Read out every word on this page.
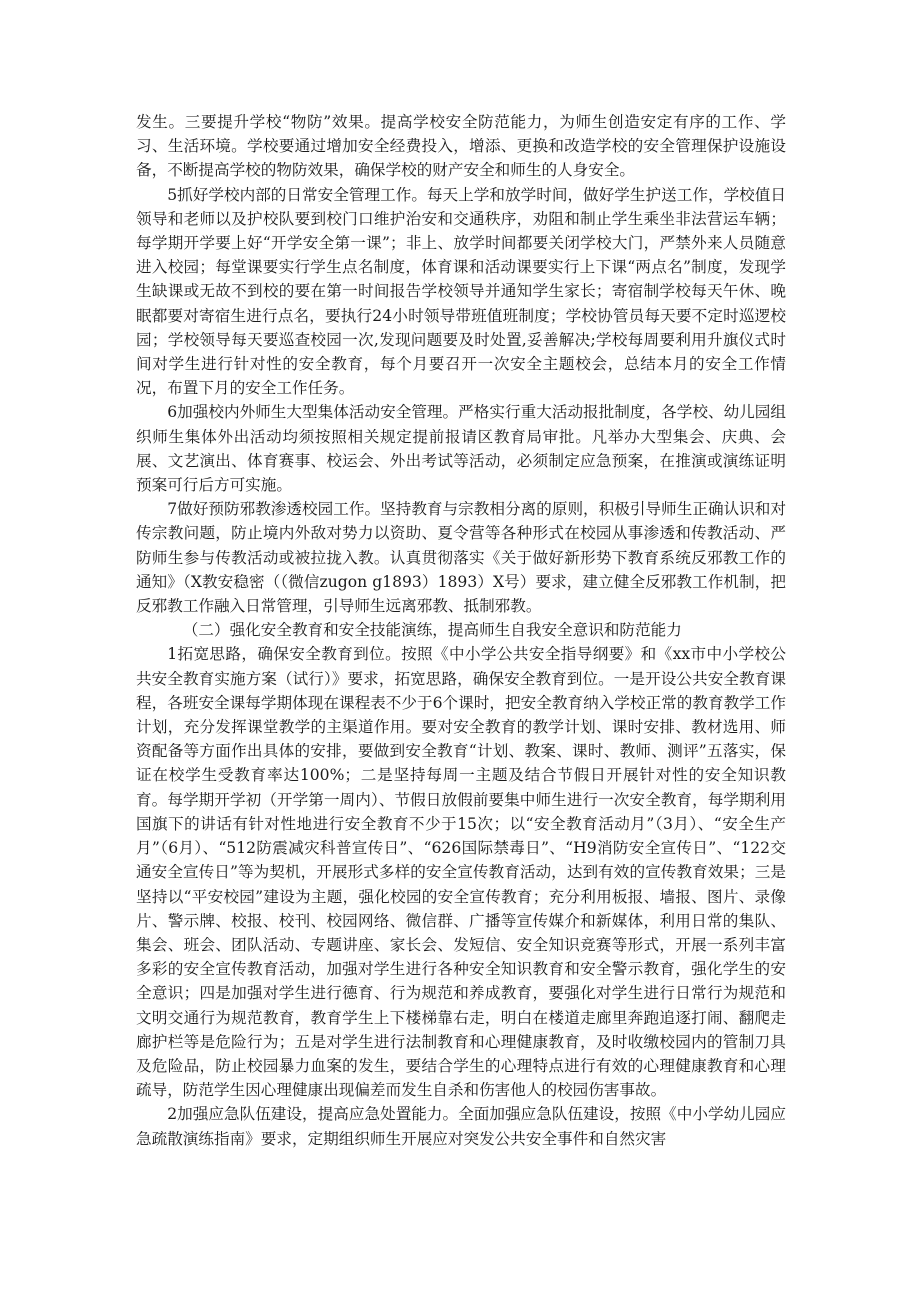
发生。三要提升学校“物防”效果。提高学校安全防范能力，为师生创造安定有序的工作、学习、生活环境。学校要通过增加安全经费投入，增添、更换和改造学校的安全管理保护设施设备，不断提高学校的物防效果，确保学校的财产安全和师生的人身安全。

5抓好学校内部的日常安全管理工作。每天上学和放学时间，做好学生护送工作，学校值日领导和老师以及护校队要到校门口维护治安和交通秩序，劝阻和制止学生乘坐非法营运车辆；每学期开学要上好“开学安全第一课”；非上、放学时间都要关闭学校大门，严禁外来人员随意进入校园；每堂课要实行学生点名制度，体育课和活动课要实行上下课“两点名”制度，发现学生缺课或无故不到校的要在第一时间报告学校领导并通知学生家长；寄宿制学校每天午休、晚眠都要对寄宿生进行点名，要执行24小时领导带班值班制度；学校协管员每天要不定时巡逻校园；学校领导每天要巡查校园一次,发现问题要及时处置,妥善解决;学校每周要利用升旗仪式时间对学生进行针对性的安全教育，每个月要召开一次安全主题校会，总结本月的安全工作情况，布置下月的安全工作任务。

6加强校内外师生大型集体活动安全管理。严格实行重大活动报批制度，各学校、幼儿园组织师生集体外出活动均须按照相关规定提前报请区教育局审批。凡举办大型集会、庆典、会展、文艺演出、体育赛事、校运会、外出考试等活动，必须制定应急预案，在推演或演练证明预案可行后方可实施。

7做好预防邪教渗透校园工作。坚持教育与宗教相分离的原则，积极引导师生正确认识和对传宗教问题，防止境内外敌对势力以资助、夏令营等各种形式在校园从事渗透和传教活动、严防师生参与传教活动或被拉拢入教。认真贯彻落实《关于做好新形势下教育系统反邪教工作的通知》（X教安稳密（（微信zugon g1893）1893）X号）要求，建立健全反邪教工作机制，把反邪教工作融入日常管理，引导师生远离邪教、抵制邪教。

（二）强化安全教育和安全技能演练，提高师生自我安全意识和防范能力

1拓宽思路，确保安全教育到位。按照《中小学公共安全指导纲要》和《xx市中小学校公共安全教育实施方案（试行）》要求，拓宽思路，确保安全教育到位。一是开设公共安全教育课程，各班安全课每学期体现在课程表不少于6个课时，把安全教育纳入学校正常的教育教学工作计划，充分发挥课堂教学的主渠道作用。要对安全教育的教学计划、课时安排、教材选用、师资配备等方面作出具体的安排，要做到安全教育“计划、教案、课时、教师、测评”五落实，保证在校学生受教育率达100%；二是坚持每周一主题及结合节假日开展针对性的安全知识教育。每学期开学初（开学第一周内）、节假日放假前要集中师生进行一次安全教育，每学期利用国旗下的讲话有针对性地进行安全教育不少于15次；以“安全教育活动月”（3月）、“安全生产月”（6月）、“512防震减灾科普宣传日”、“626国际禁毒日”、“H9消防安全宣传日”、“122交通安全宣传日”等为契机，开展形式多样的安全宣传教育活动，达到有效的宣传教育效果；三是坚持以“平安校园”建设为主题，强化校园的安全宣传教育；充分利用板报、墙报、图片、录像片、警示牌、校报、校刊、校园网络、微信群、广播等宣传媒介和新媒体，利用日常的集队、集会、班会、团队活动、专题讲座、家长会、发短信、安全知识竞赛等形式，开展一系列丰富多彩的安全宣传教育活动，加强对学生进行各种安全知识教育和安全警示教育，强化学生的安全意识；四是加强对学生进行德育、行为规范和养成教育，要强化对学生进行日常行为规范和文明交通行为规范教育，教育学生上下楼梯靠右走，明白在楼道走廊里奔跑追逐打闹、翻爬走廊护栏等是危险行为；五是对学生进行法制教育和心理健康教育，及时收缴校园内的管制刀具及危险品，防止校园暴力血案的发生，要结合学生的心理特点进行有效的心理健康教育和心理疏导，防范学生因心理健康出现偏差而发生自杀和伤害他人的校园伤害事故。

2加强应急队伍建设，提高应急处置能力。全面加强应急队伍建设，按照《中小学幼儿园应急疏散演练指南》要求，定期组织师生开展应对突发公共安全事件和自然灾害
